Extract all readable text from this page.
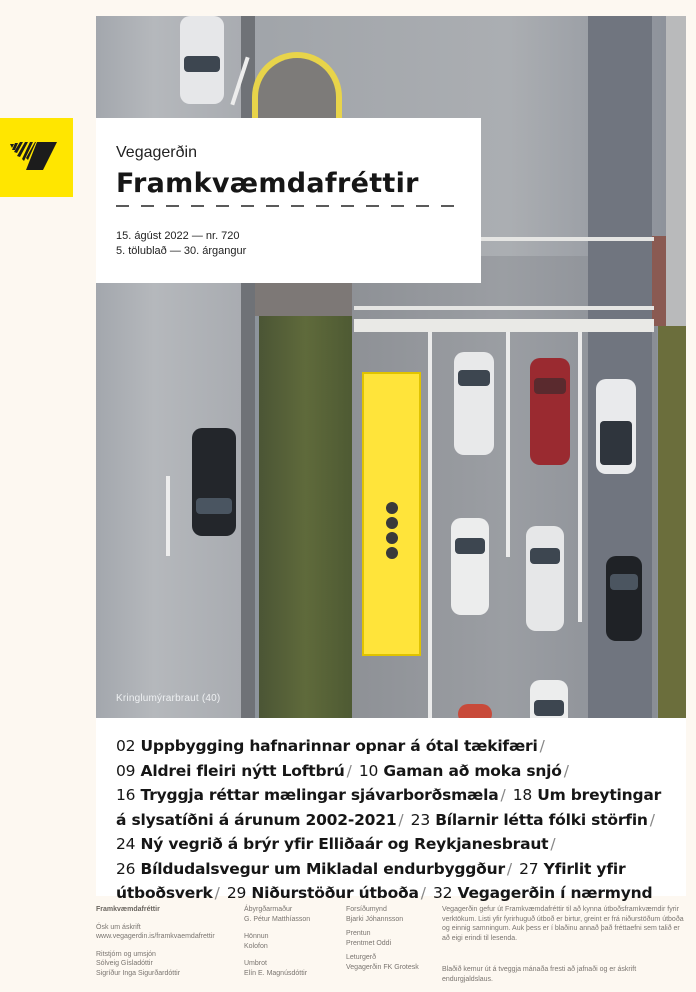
Kringlumýrarbraut (40)
Vegagerðin
Framkvæmdafréttir
15. ágúst 2022 — nr. 720
5. tölublað — 30. árgangur
02 Uppbygging hafnarinnar opnar á ótal tækifæri /
09 Aldrei fleiri nýtt Loftbrú / 10 Gaman að moka snjó /
16 Tryggja réttar mælingar sjávarborðsmæla / 18 Um breytingar á slysatíðni á árunum 2002-2021 / 23 Bílarnir létta fólki störfin /
24 Ný vegrið á brýr yfir Elliðaár og Reykjanesbraut /
26 Bíldudalsvegur um Mikladal endurbyggður / 27 Yfirlit yfir útboðsverk / 29 Niðurstöður útboða / 32 Vegagerðin í nærmynd
Framkvæmdafréttir
Ósk um áskrift
www.vegagerdin.is/framkvaemdafrettir
Ritstjórn og umsjón
Sólveig Gísladóttir
Sigríður Inga Sigurðardóttir
Ábyrgðarmaður
G. Pétur Matthíasson
Hönnun
Kolofon
Umbrot
Elín E. Magnúsdóttir
Forsíðumynd
Bjarki Jóhannsson
Prentun
Prentmet Oddi
Leturgerð
Vegagerðin FK Grotesk
Vegagerðin gefur út Framkvæmdafréttir til að kynna útboðsframkvæmdir fyrir verktökum. Listi yfir fyrirhuguð útboð er birtur, greint er frá niðurstöðum útboða og einnig samningum. Auk þess er í blaðinu annað það fréttaefni sem talið er að eigi erindi til lesenda.
Blaðið kemur út á tveggja mánaða fresti að jafnaði og er áskrift endurgjaldslaus.
